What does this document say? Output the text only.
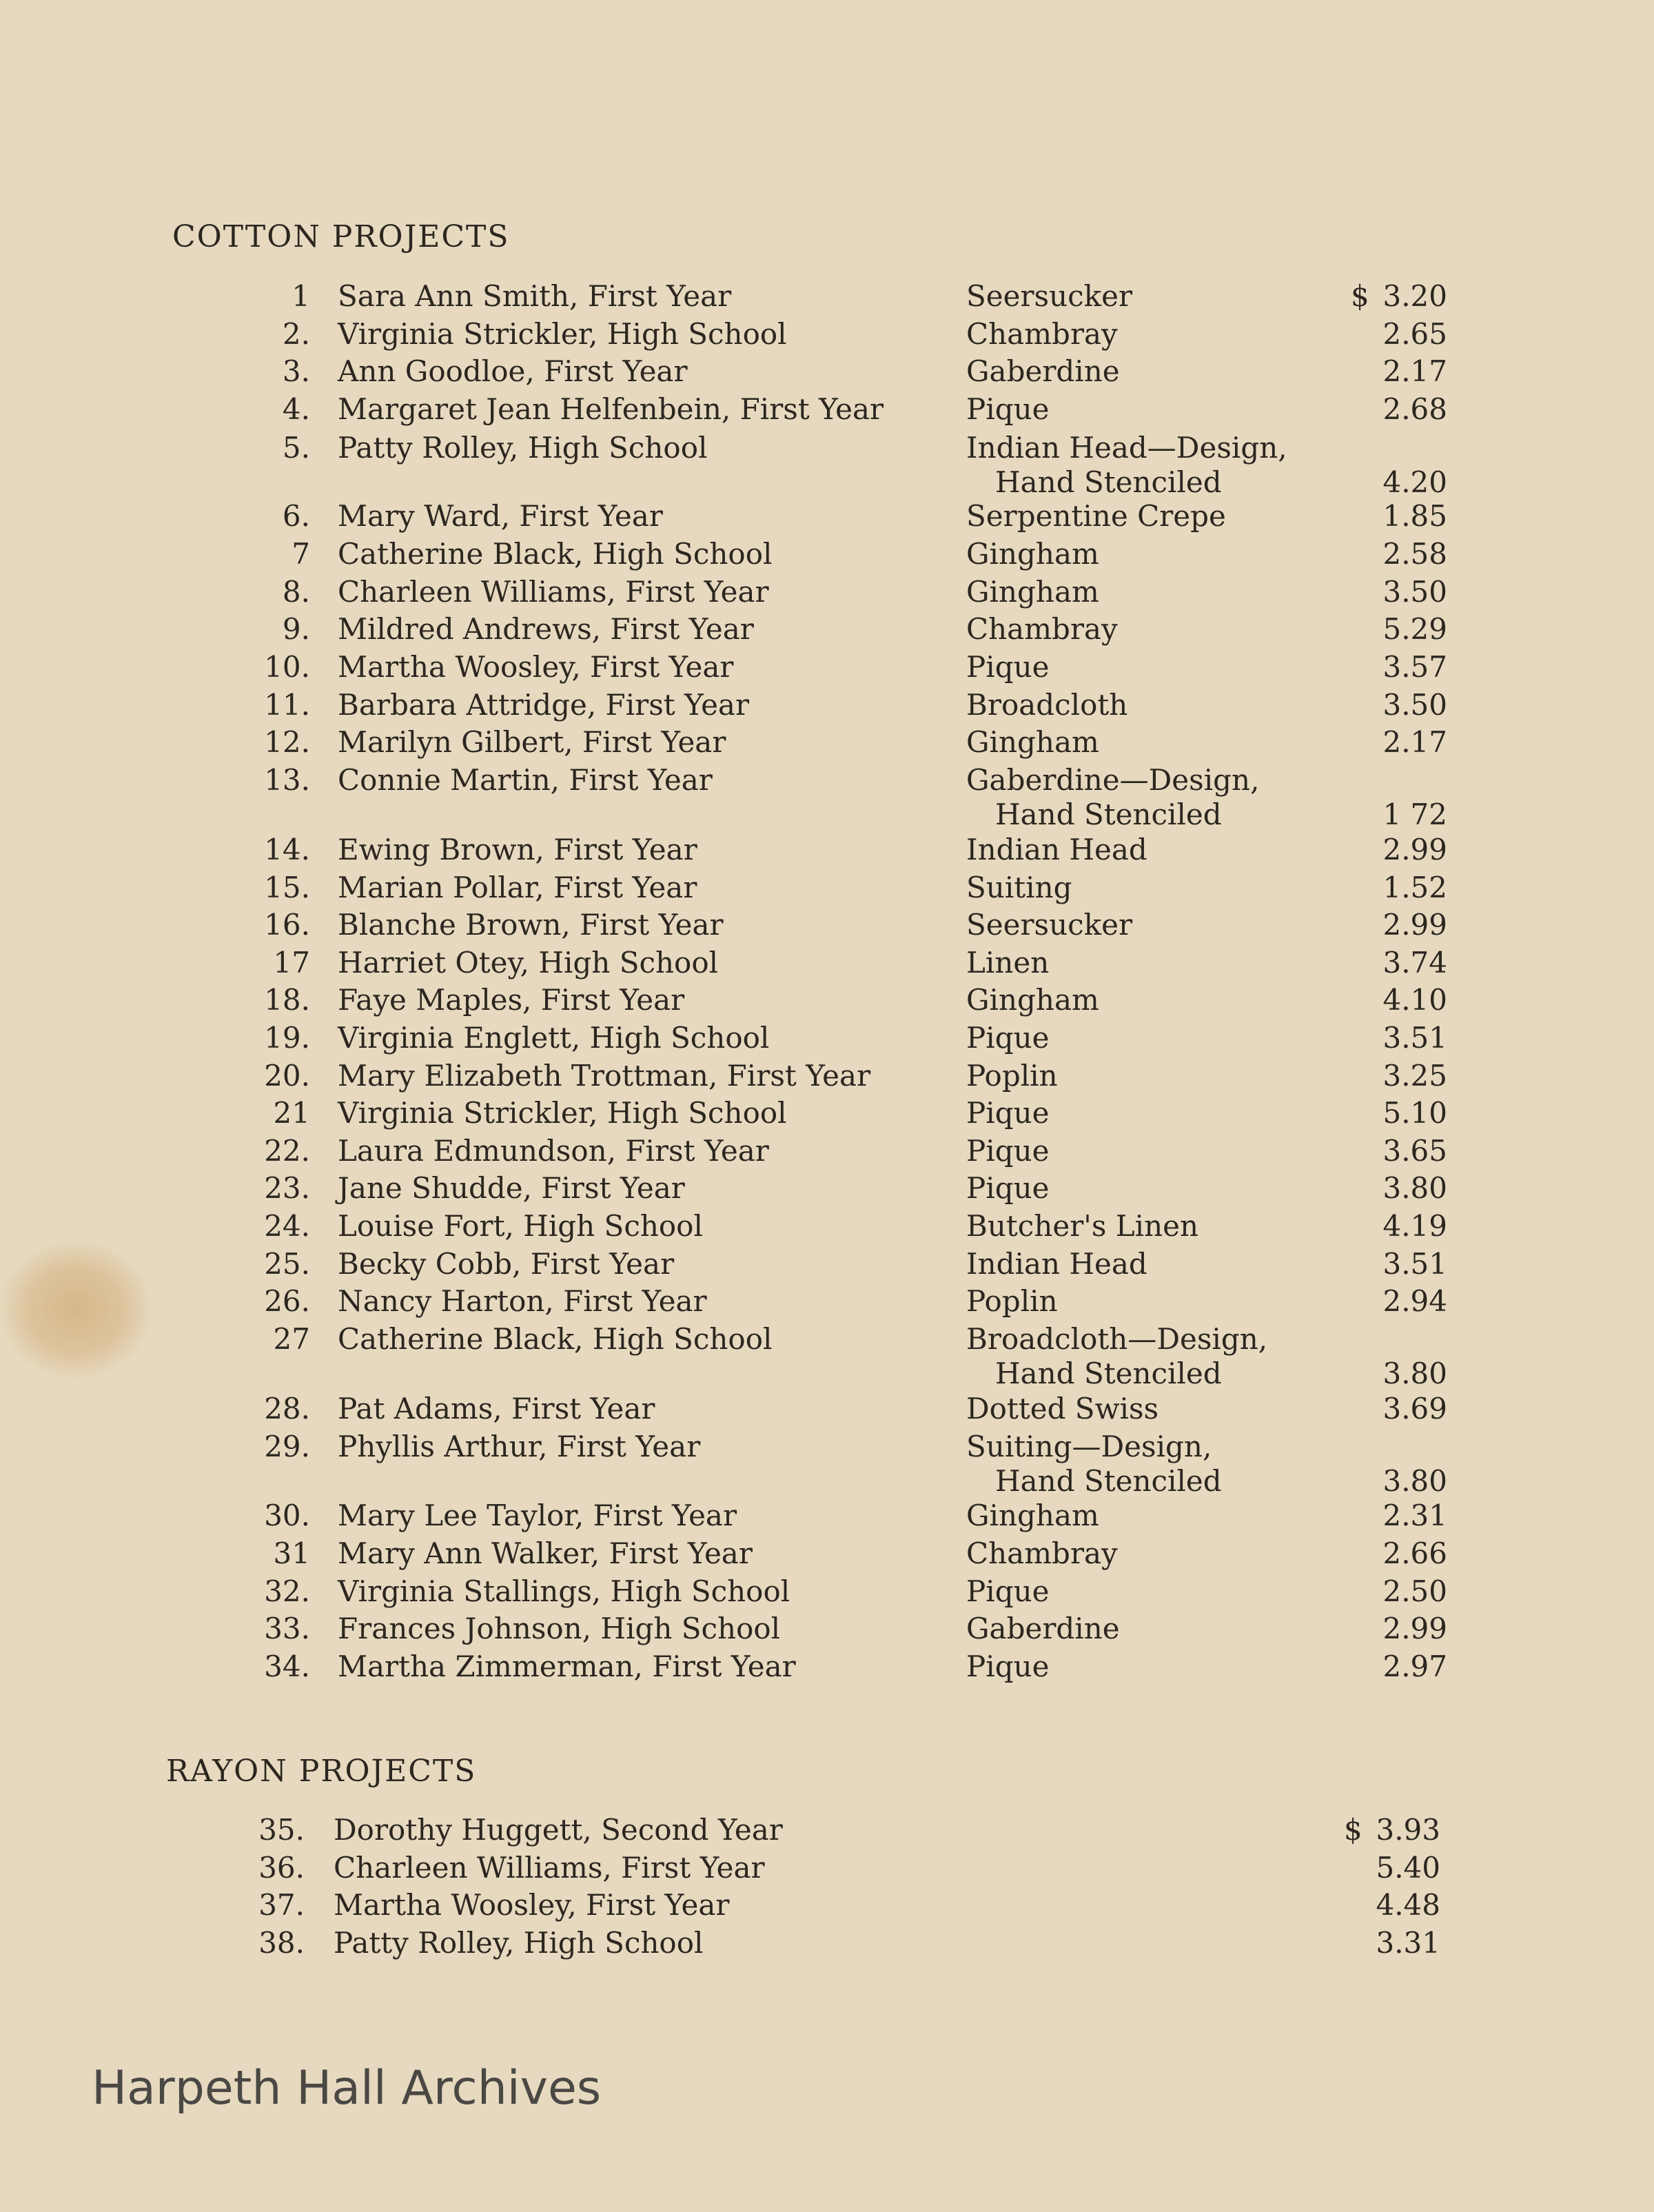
COTTON PROJECTS
1 Sara Ann Smith, First Year	Seersucker	$ 3.20
2. Virginia Strickler, High School	Chambray	2.65
3. Ann Goodloe, First Year	Gaberdine	2.17
4. Margaret Jean Helfenbein, First Year	Pique	2.68
5. Patty Rolley, High School	Indian Head—Design,
Hand Stenciled	4.20
6. Mary Ward, First Year	Serpentine Crepe	1.85
7 Catherine Black, High School	Gingham	2.58
8. Charleen Williams, First Year	Gingham	3.50
9. Mildred Andrews, First Year	Chambray	5.29
10. Martha Woosley, First Year	Pique	3.57
11. Barbara Attridge, First Year	Broadcloth	3.50
12. Marilyn Gilbert, First Year	Gingham	2.17
13. Connie Martin, First Year	Gaberdine—Design,
Hand Stenciled	1 72
14. Ewing Brown, First Year	Indian Head	2.99
15. Marian Pollar, First Year	Suiting	1.52
16. Blanche Brown, First Year	Seersucker	2.99
17 Harriet Otey, High School	Linen	3.74
18. Faye Maples, First Year	Gingham	4.10
19. Virginia Englett, High School	Pique	3.51
20. Mary Elizabeth Trottman, First Year	Poplin	3.25
21 Virginia Strickler, High School	Pique	5.10
22. Laura Edmundson, First Year	Pique	3.65
23. Jane Shudde, First Year	Pique	3.80
24. Louise Fort, High School	Butcher's Linen	4.19
25. Becky Cobb, First Year	Indian Head	3.51
26. Nancy Harton, First Year	Poplin	2.94
27 Catherine Black, High School	Broadcloth—Design,
Hand Stenciled	3.80
28. Pat Adams, First Year	Dotted Swiss	3.69
29. Phyllis Arthur, First Year	Suiting—Design,
Hand Stenciled	3.80
30. Mary Lee Taylor, First Year	Gingham	2.31
31 Mary Ann Walker, First Year	Chambray	2.66
32. Virginia Stallings, High School	Pique	2.50
33. Frances Johnson, High School	Gaberdine	2.99
34. Martha Zimmerman, First Year	Pique	2.97
RAYON PROJECTS
35. Dorothy Huggett, Second Year	$ 3.93
36. Charleen Williams, First Year	5.40
37. Martha Woosley, First Year	4.48
38. Patty Rolley, High School	3.31
Harpeth Hall Archives
